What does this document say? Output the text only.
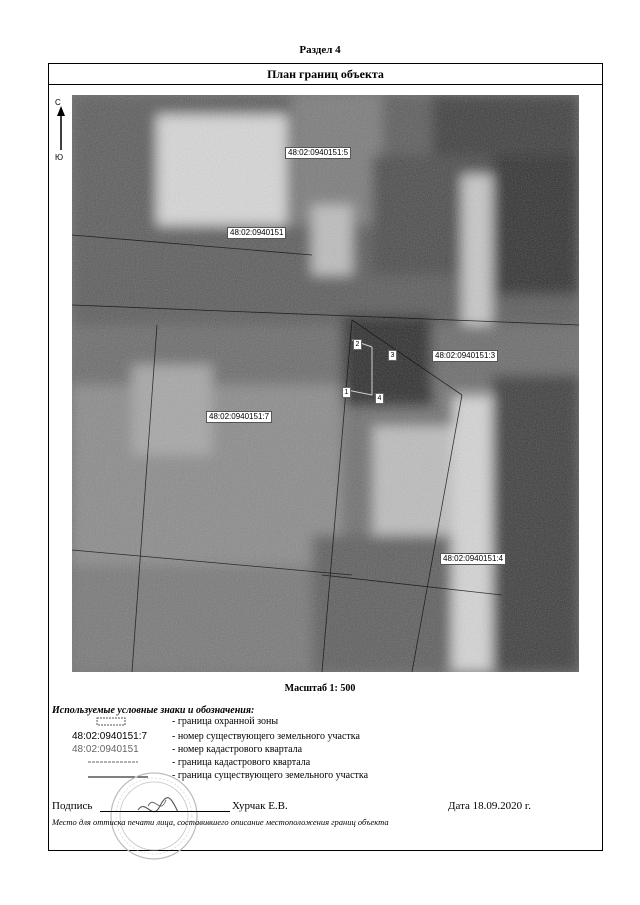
Раздел 4
План границ объекта
С
Ю
48:02:0940151:5
48:02:0940151
48:02:0940151:3
48:02:0940151:7
48:02:0940151:4
2
3
1
4
Масштаб 1: 500
Используемые условные знаки и обозначения:
- граница охранной зоны
48:02:0940151:7	- номер существующего земельного участка
48:02:0940151	- номер кадастрового квартала
- граница кадастрового квартала
- граница существующего земельного участка
Подпись	Хурчак Е.В.	Дата 18.09.2020 г.
Место для оттиска печати лица, составившего описание местоположения границ объекта
